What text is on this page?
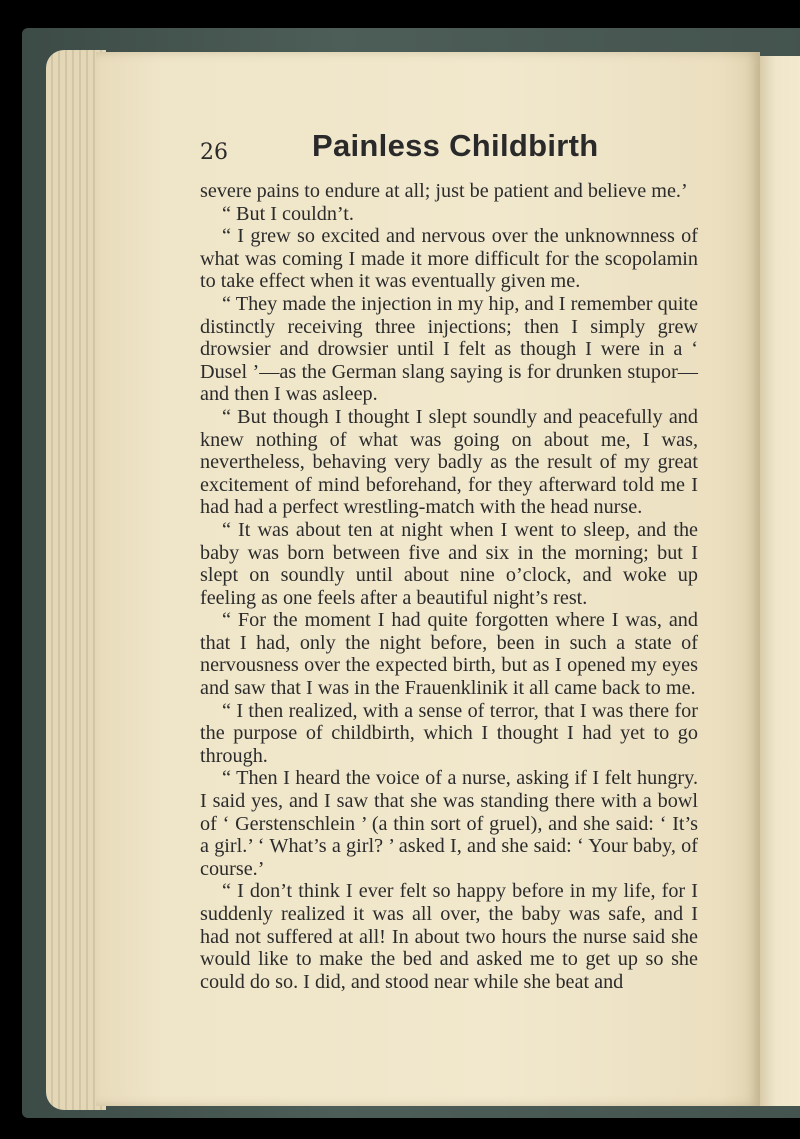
26	Painless Childbirth

severe pains to endure at all; just be patient and believe me.’

“ But I couldn’t.

“ I grew so excited and nervous over the unknownness of what was coming I made it more difficult for the scopolamin to take effect when it was eventually given me.

“ They made the injection in my hip, and I remember quite distinctly receiving three injections; then I simply grew drowsier and drowsier until I felt as though I were in a ‘ Dusel ’—as the German slang saying is for drunken stupor—and then I was asleep.

“ But though I thought I slept soundly and peacefully and knew nothing of what was going on about me, I was, nevertheless, behaving very badly as the result of my great excitement of mind beforehand, for they afterward told me I had had a perfect wrestling-match with the head nurse.

“ It was about ten at night when I went to sleep, and the baby was born between five and six in the morning; but I slept on soundly until about nine o’clock, and woke up feeling as one feels after a beautiful night’s rest.

“ For the moment I had quite forgotten where I was, and that I had, only the night before, been in such a state of nervousness over the expected birth, but as I opened my eyes and saw that I was in the Frauenklinik it all came back to me.

“ I then realized, with a sense of terror, that I was there for the purpose of childbirth, which I thought I had yet to go through.

“ Then I heard the voice of a nurse, asking if I felt hungry. I said yes, and I saw that she was standing there with a bowl of ‘ Gerstenschlein ’ (a thin sort of gruel), and she said: ‘ It’s a girl.’ ‘ What’s a girl? ’ asked I, and she said: ‘ Your baby, of course.’

“ I don’t think I ever felt so happy before in my life, for I suddenly realized it was all over, the baby was safe, and I had not suffered at all! In about two hours the nurse said she would like to make the bed and asked me to get up so she could do so. I did, and stood near while she beat and
